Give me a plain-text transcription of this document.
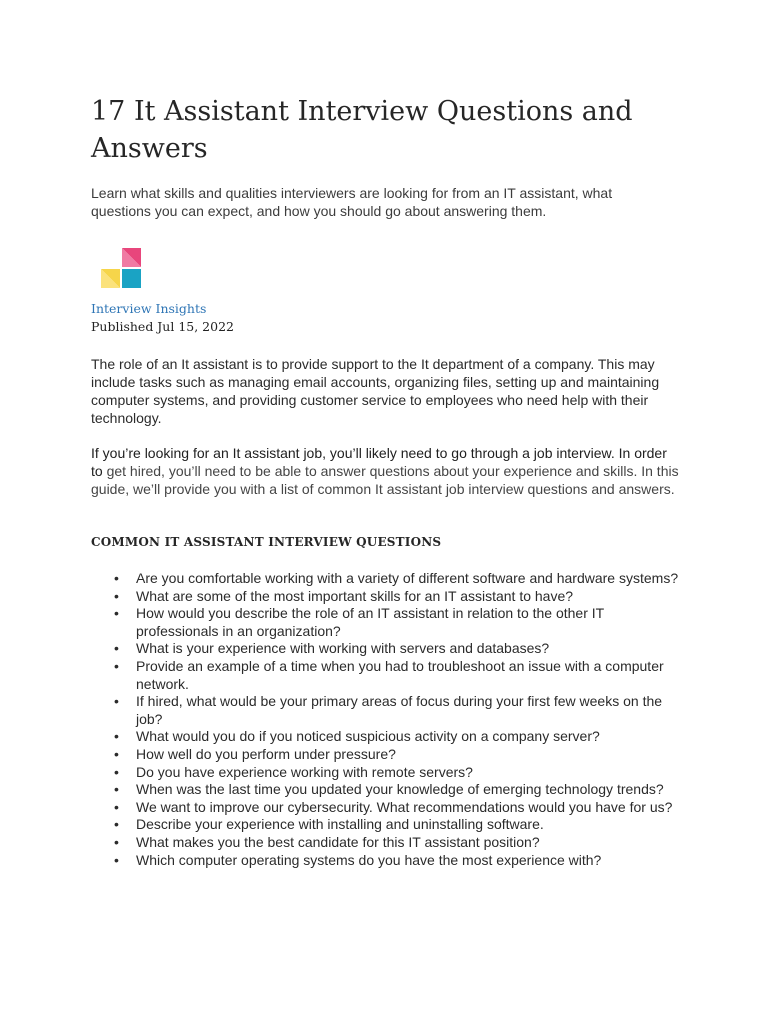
17 It Assistant Interview Questions and Answers

Learn what skills and qualities interviewers are looking for from an IT assistant, what questions you can expect, and how you should go about answering them.

Interview Insights

Published Jul 15, 2022

The role of an It assistant is to provide support to the It department of a company. This may include tasks such as managing email accounts, organizing files, setting up and maintaining computer systems, and providing customer service to employees who need help with their technology.

If you’re looking for an It assistant job, you’ll likely need to go through a job interview. In order to get hired, you’ll need to be able to answer questions about your experience and skills. In this guide, we’ll provide you with a list of common It assistant job interview questions and answers.

COMMON IT ASSISTANT INTERVIEW QUESTIONS
• Are you comfortable working with a variety of different software and hardware systems?
• What are some of the most important skills for an IT assistant to have?
• How would you describe the role of an IT assistant in relation to the other IT professionals in an organization?
• What is your experience with working with servers and databases?
• Provide an example of a time when you had to troubleshoot an issue with a computer network.
• If hired, what would be your primary areas of focus during your first few weeks on the job?
• What would you do if you noticed suspicious activity on a company server?
• How well do you perform under pressure?
• Do you have experience working with remote servers?
• When was the last time you updated your knowledge of emerging technology trends?
• We want to improve our cybersecurity. What recommendations would you have for us?
• Describe your experience with installing and uninstalling software.
• What makes you the best candidate for this IT assistant position?
• Which computer operating systems do you have the most experience with?
